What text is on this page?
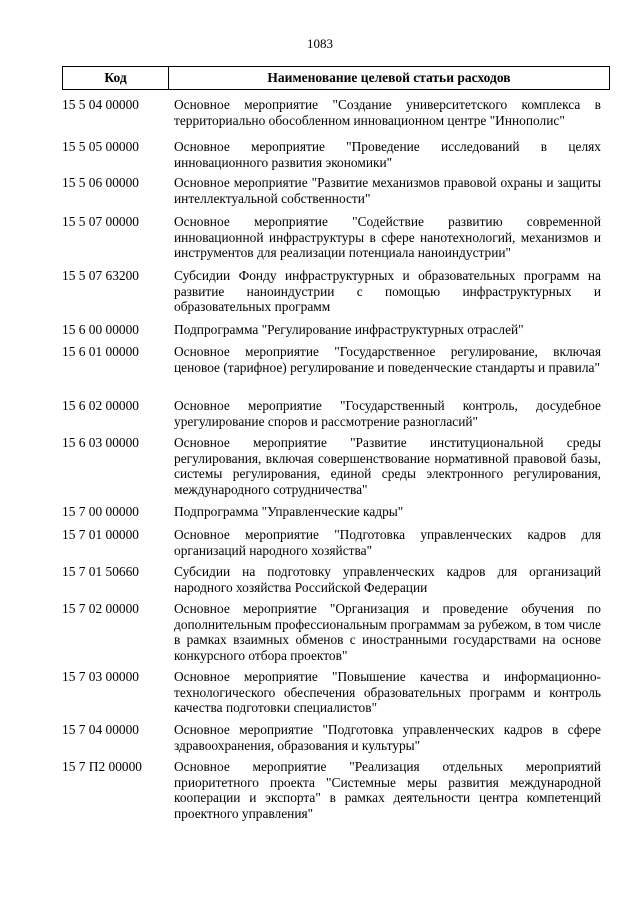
1083
Код	Наименование целевой статьи расходов
15 5 04 00000	Основное мероприятие "Создание университетского комплекса в территориально обособленном инновационном центре "Иннополис"
15 5 05 00000	Основное мероприятие "Проведение исследований в целях инновационного развития экономики"
15 5 06 00000	Основное мероприятие "Развитие механизмов правовой охраны и защиты интеллектуальной собственности"
15 5 07 00000	Основное мероприятие "Содействие развитию современной инновационной инфраструктуры в сфере нанотехнологий, механизмов и инструментов для реализации потенциала наноиндустрии"
15 5 07 63200	Субсидии Фонду инфраструктурных и образовательных программ на развитие наноиндустрии с помощью инфраструктурных и образовательных программ
15 6 00 00000	Подпрограмма "Регулирование инфраструктурных отраслей"
15 6 01 00000	Основное мероприятие "Государственное регулирование, включая ценовое (тарифное) регулирование и поведенческие стандарты и правила"
15 6 02 00000	Основное мероприятие "Государственный контроль, досудебное урегулирование споров и рассмотрение разногласий"
15 6 03 00000	Основное мероприятие "Развитие институциональной среды регулирования, включая совершенствование нормативной правовой базы, системы регулирования, единой среды электронного регулирования, международного сотрудничества"
15 7 00 00000	Подпрограмма "Управленческие кадры"
15 7 01 00000	Основное мероприятие "Подготовка управленческих кадров для организаций народного хозяйства"
15 7 01 50660	Субсидии на подготовку управленческих кадров для организаций народного хозяйства Российской Федерации
15 7 02 00000	Основное мероприятие "Организация и проведение обучения по дополнительным профессиональным программам за рубежом, в том числе в рамках взаимных обменов с иностранными государствами на основе конкурсного отбора проектов"
15 7 03 00000	Основное мероприятие "Повышение качества и информационно-технологического обеспечения образовательных программ и контроль качества подготовки специалистов"
15 7 04 00000	Основное мероприятие "Подготовка управленческих кадров в сфере здравоохранения, образования и культуры"
15 7 П2 00000	Основное мероприятие "Реализация отдельных мероприятий приоритетного проекта "Системные меры развития международной кооперации и экспорта" в рамках деятельности центра компетенций проектного управления"
